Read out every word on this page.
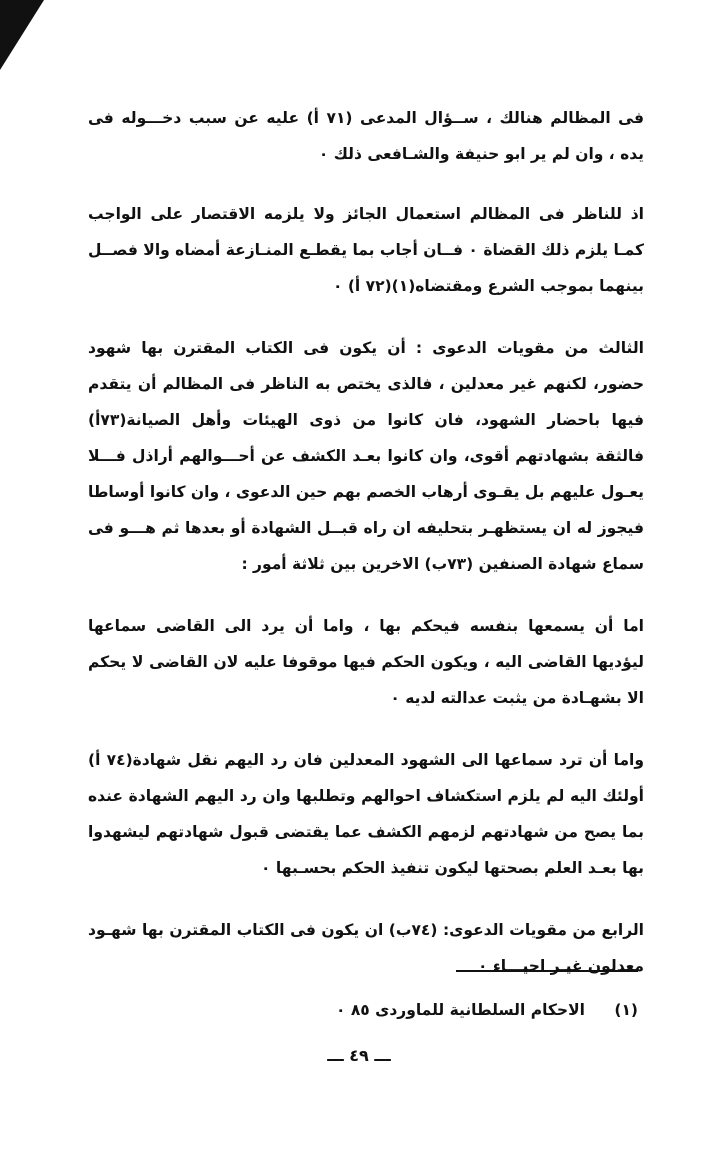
فى المظالم هنالك ، ســؤال المدعى (٧١ أ) عليه عن سبب دخـــوله فى يده ، وان لم ير ابو حنيفة والشـافعى ذلك ٠

اذ للناظر فى المظالم استعمال الجائز ولا يلزمه الاقتصار على الواجب كمـا يلزم ذلك القضاة ٠ فــان أجاب بما يقطـع المنـازعة أمضاه والا فصــل بينهما بموجب الشرع ومقتضاه(١)(٧٢ أ) ٠

الثالث من مقويات الدعوى : أن يكون فى الكتاب المقترن بها شهود حضور، لكنهم غير معدلين ، فالذى يختص به الناظر فى المظالم أن يتقدم فيها باحضار الشهود، فان كانوا من ذوى الهيئات وأهل الصيانة(٧٣أ) فالثقة بشهادتهم أقوى، وان كانوا بعـد الكشف عن أحـــوالهم أراذل فـــلا يعـول عليهم بل يقـوى أرهاب الخصم بهم حين الدعوى ، وان كانوا أوساطا فيجوز له ان يستظهـر بتحليفه ان راه قبــل الشهادة أو بعدها ثم هـــو فى سماع شهادة الصنفين (٧٣ب) الاخرين بين ثلاثة أمور :

اما أن يسمعها بنفسه فيحكم بها ، واما أن يرد الى القاضى سماعها ليؤديها القاضى اليه ، ويكون الحكم فيها موقوفا عليه لان القاضى لا يحكم الا بشهـادة من يثبت عدالته لديه ٠

واما أن ترد سماعها الى الشهود المعدلين فان رد اليهم نقل شهادة(٧٤ أ) أولئك اليه لم يلزم استكشاف احوالهم وتطلبها وان رد اليهم الشهادة عنده بما يصح من شهادتهم لزمهم الكشف عما يقتضى قبول شهادتهم ليشهدوا بها بعـد العلم بصحتها ليكون تنفيذ الحكم بحسـبها ٠

الرابع من مقويات الدعوى: (٧٤ب) ان يكون فى الكتاب المقترن بها شهـود معدلون غيـر احيـــاء ٠

(١) الاحكام السلطانية للماوردى ٨٥ ٠
ـــ ٤٩ ـــ
